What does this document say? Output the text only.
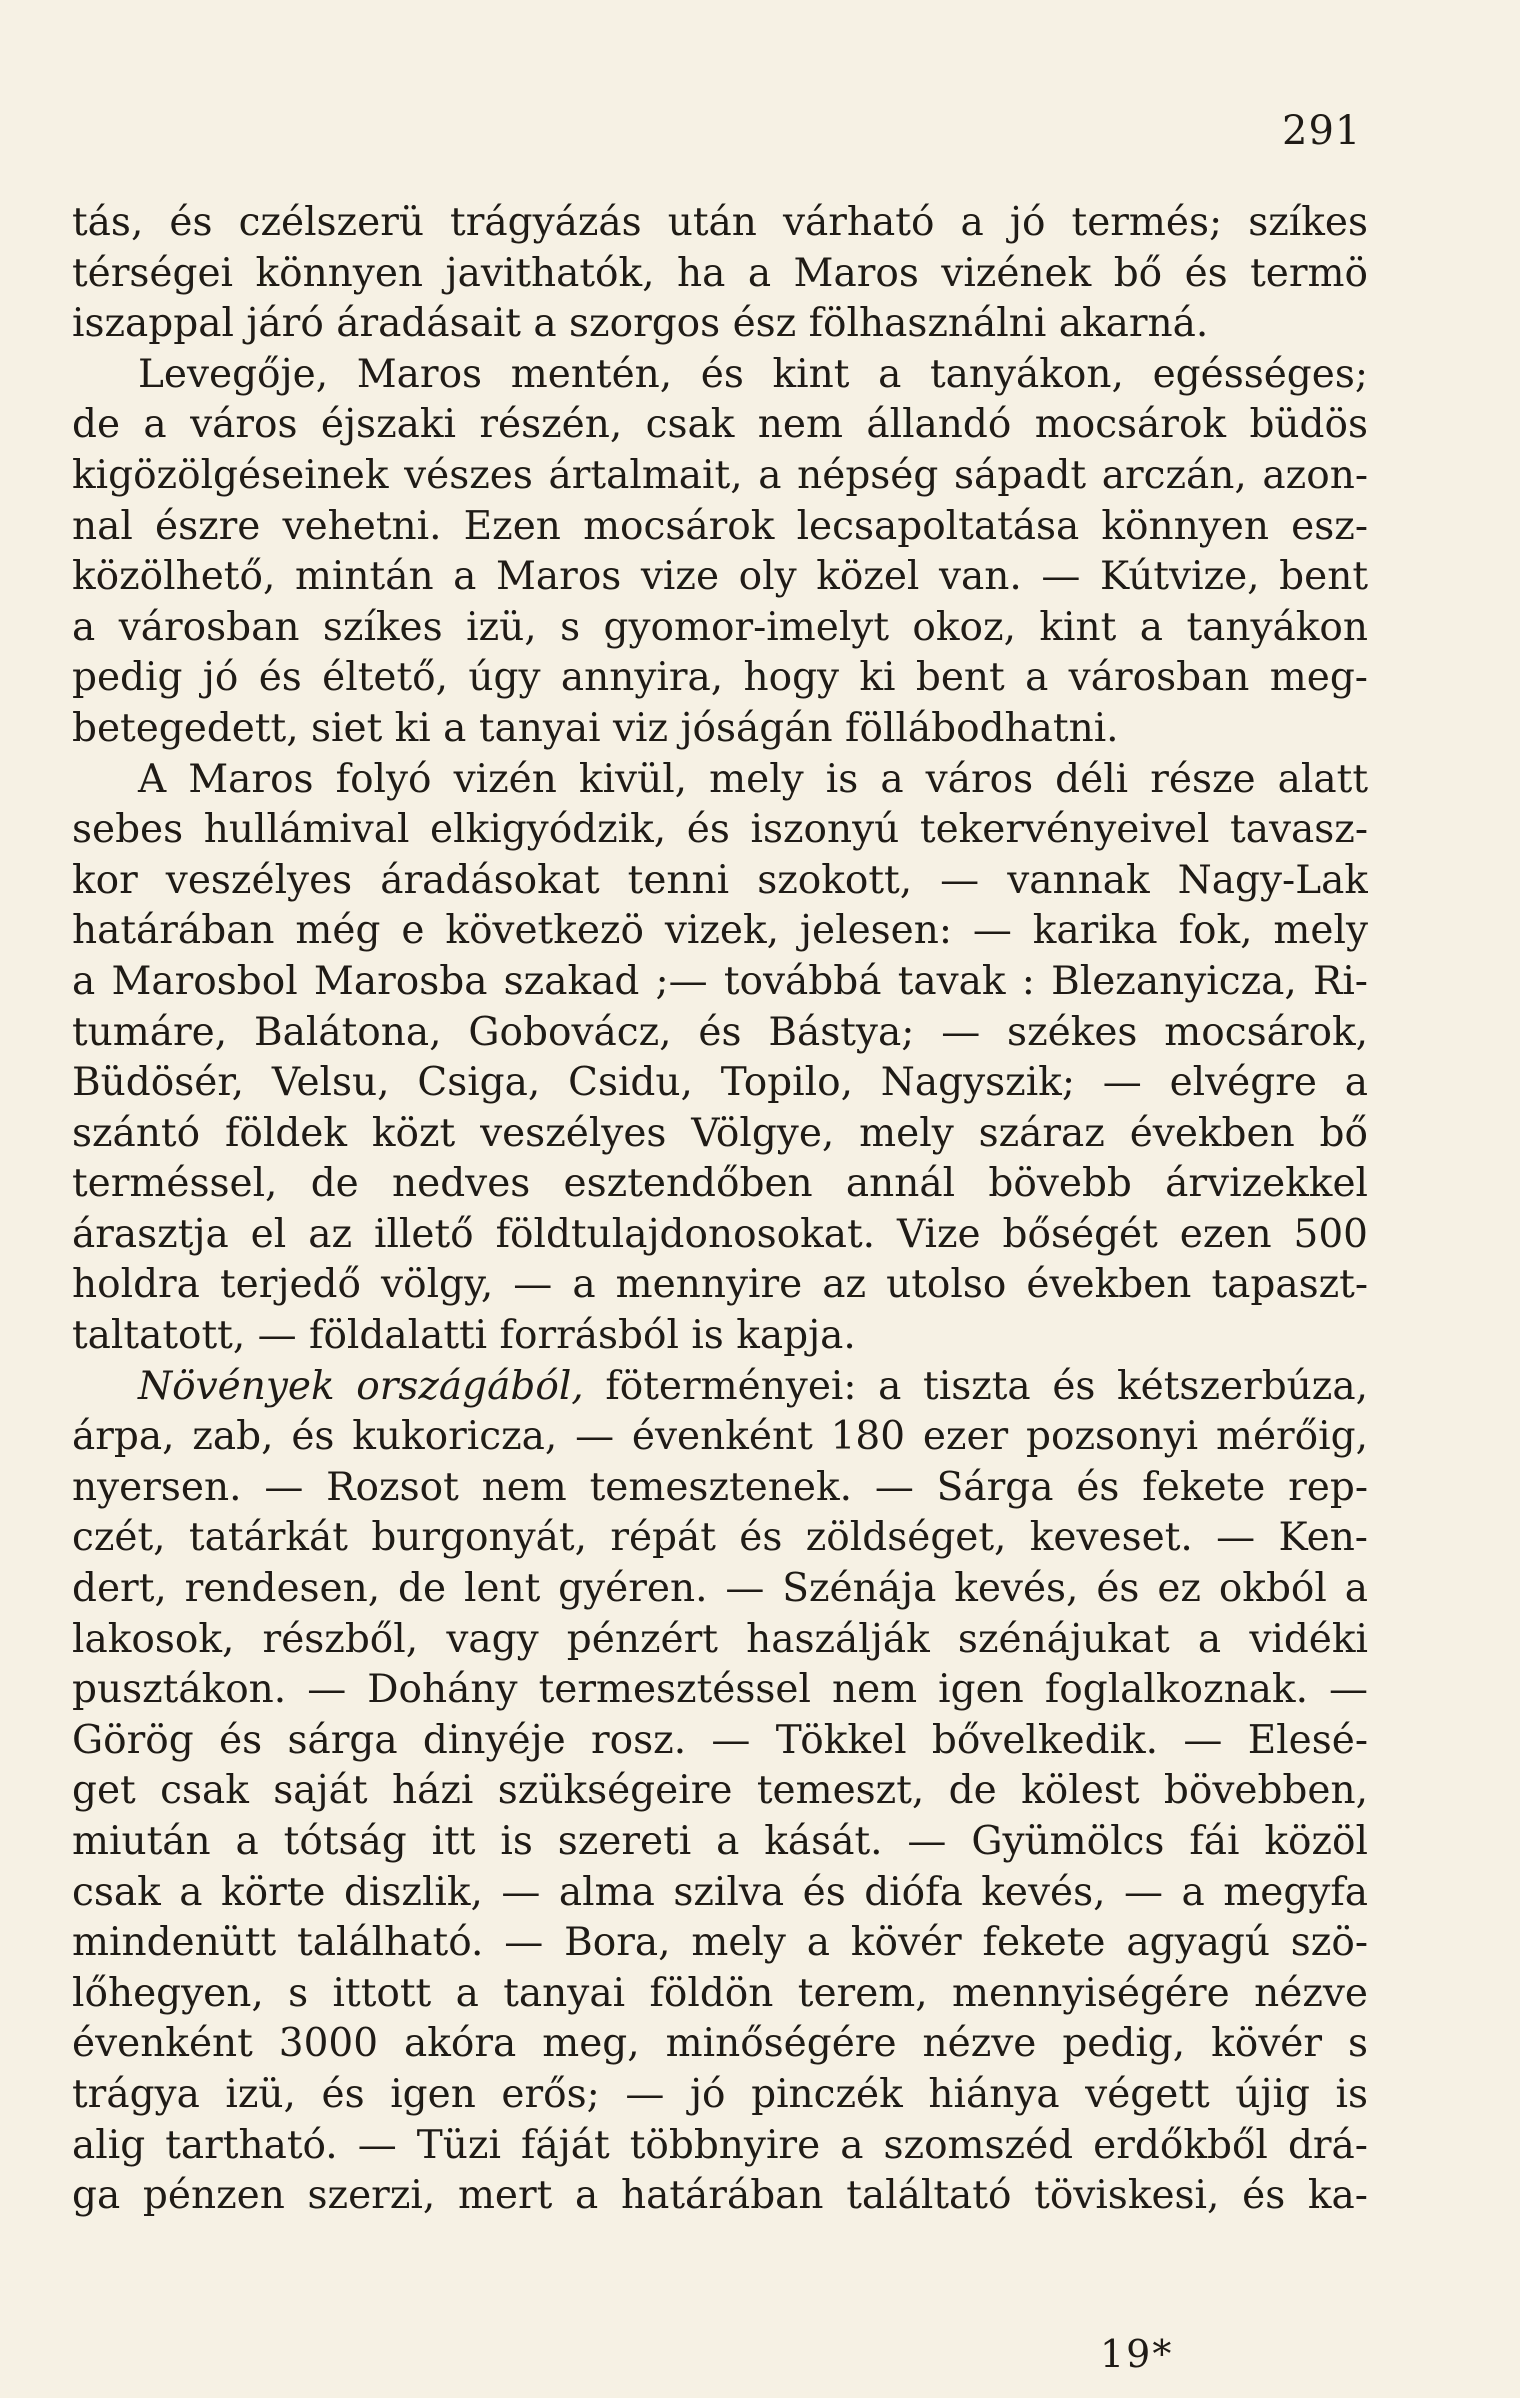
291
tás, és czélszerü trágyázás után várható a jó termés; szíkes
térségei könnyen javithatók, ha a Maros vizének bő és termö
iszappal járó áradásait a szorgos ész fölhasználni akarná.
Levegője, Maros mentén, és kint a tanyákon, egésséges;
de a város éjszaki részén, csak nem állandó mocsárok büdös
kigözölgéseinek vészes ártalmait, a népség sápadt arczán, azon-
nal észre vehetni. Ezen mocsárok lecsapoltatása könnyen esz-
közölhető, mintán a Maros vize oly közel van. — Kútvize, bent
a városban szíkes izü, s gyomor-imelyt okoz, kint a tanyákon
pedig jó és éltető, úgy annyira, hogy ki bent a városban meg-
betegedett, siet ki a tanyai viz jóságán föllábodhatni.
A Maros folyó vizén kivül, mely is a város déli része alatt
sebes hullámival elkigyódzik, és iszonyú tekervényeivel tavasz-
kor veszélyes áradásokat tenni szokott, — vannak Nagy-Lak
határában még e következö vizek, jelesen: — karika fok, mely
a Marosbol Marosba szakad ;— továbbá tavak : Blezanyicza, Ri-
tumáre, Balátona, Gobovácz, és Bástya; — székes mocsárok,
Büdösér, Velsu, Csiga, Csidu, Topilo, Nagyszik; — elvégre a
szántó földek közt veszélyes Völgye, mely száraz években bő
terméssel, de nedves esztendőben annál bövebb árvizekkel
árasztja el az illető földtulajdonosokat. Vize bőségét ezen 500
holdra terjedő völgy, — a mennyire az utolso években tapaszt-
taltatott, — földalatti forrásból is kapja.
Növények országából, föterményei: a tiszta és kétszerbúza,
árpa, zab, és kukoricza, — évenként 180 ezer pozsonyi mérőig,
nyersen. — Rozsot nem temesztenek. — Sárga és fekete rep-
czét, tatárkát burgonyát, répát és zöldséget, keveset. — Ken-
dert, rendesen, de lent gyéren. — Szénája kevés, és ez okból a
lakosok, részből, vagy pénzért haszálják szénájukat a vidéki
pusztákon. — Dohány termesztéssel nem igen foglalkoznak. —
Görög és sárga dinyéje rosz. — Tökkel bővelkedik. — Elesé-
get csak saját házi szükségeire temeszt, de kölest bövebben,
miután a tótság itt is szereti a kását. — Gyümölcs fái közöl
csak a körte diszlik, — alma szilva és diófa kevés, — a megyfa
mindenütt található. — Bora, mely a kövér fekete agyagú szö-
lőhegyen, s ittott a tanyai földön terem, mennyiségére nézve
évenként 3000 akóra meg, minőségére nézve pedig, kövér s
trágya izü, és igen erős; — jó pinczék hiánya végett újig is
alig tartható. — Tüzi fáját többnyire a szomszéd erdőkből drá-
ga pénzen szerzi, mert a határában találtató töviskesi, és ka-
19*
